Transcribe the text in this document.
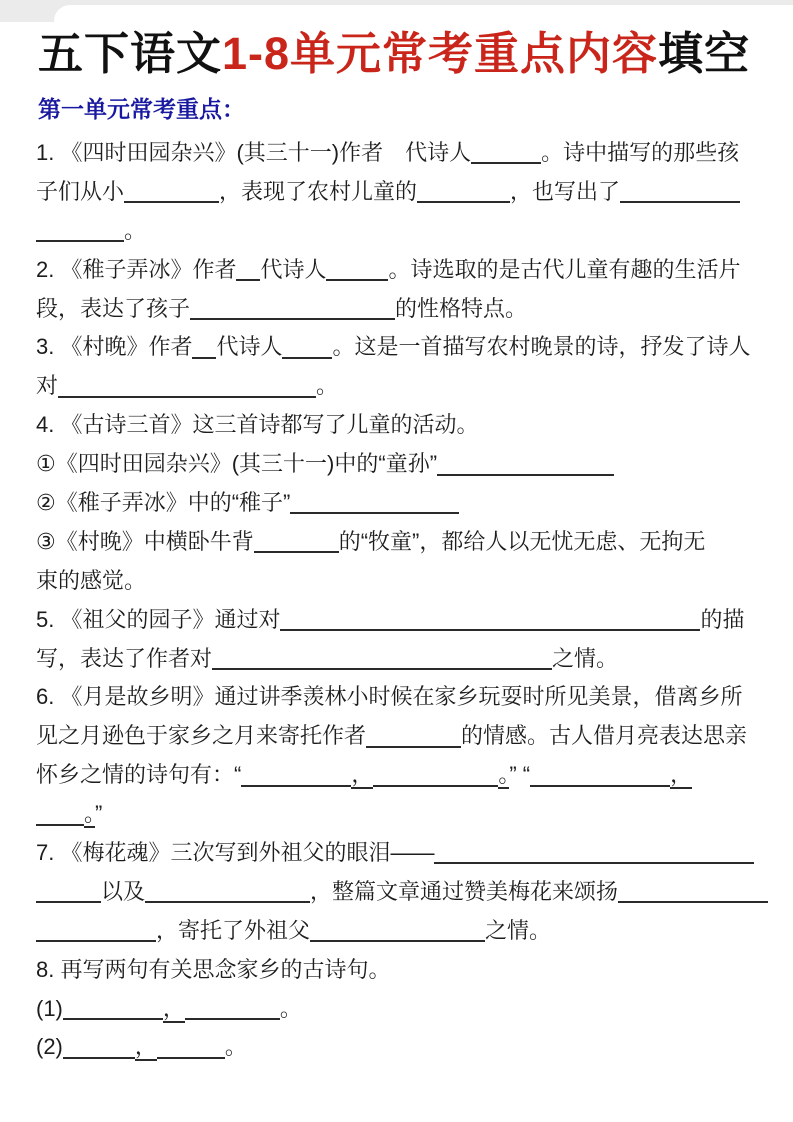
五下语文1-8单元常考重点内容填空
第一单元常考重点：
1. 《四时田园杂兴》(其三十一)作者　代诗人	。诗中描写的那些孩
子们从小	，表现了农村儿童的	，也写出了
。
2. 《稚子弄冰》作者 代诗人	。诗选取的是古代儿童有趣的生活片
段，表达了孩子	的性格特点。
3. 《村晚》作者 代诗人 。这是一首描写农村晚景的诗，抒发了诗人
对	。
4. 《古诗三首》这三首诗都写了儿童的活动。
①《四时田园杂兴》(其三十一)中的“童孙”
②《稚子弄冰》中的“稚子”
③《村晚》中横卧牛背	的“牧童”，都给人以无忧无虑、无拘无
束的感觉。
5. 《祖父的园子》通过对	的描
写，表达了作者对	之情。
6. 《月是故乡明》通过讲季羡林小时候在家乡玩耍时所见美景，借离乡所
见之月逊色于家乡之月来寄托作者	的情感。古人借月亮表达思亲
怀乡之情的诗句有：“	，	。” “	，
。”
7. 《梅花魂》三次写到外祖父的眼泪——
以及	，整篇文章通过赞美梅花来颂扬
，寄托了外祖父	之情。
8. 再写两句有关思念家乡的古诗句。
(1)	，	。
(2)	，	。
